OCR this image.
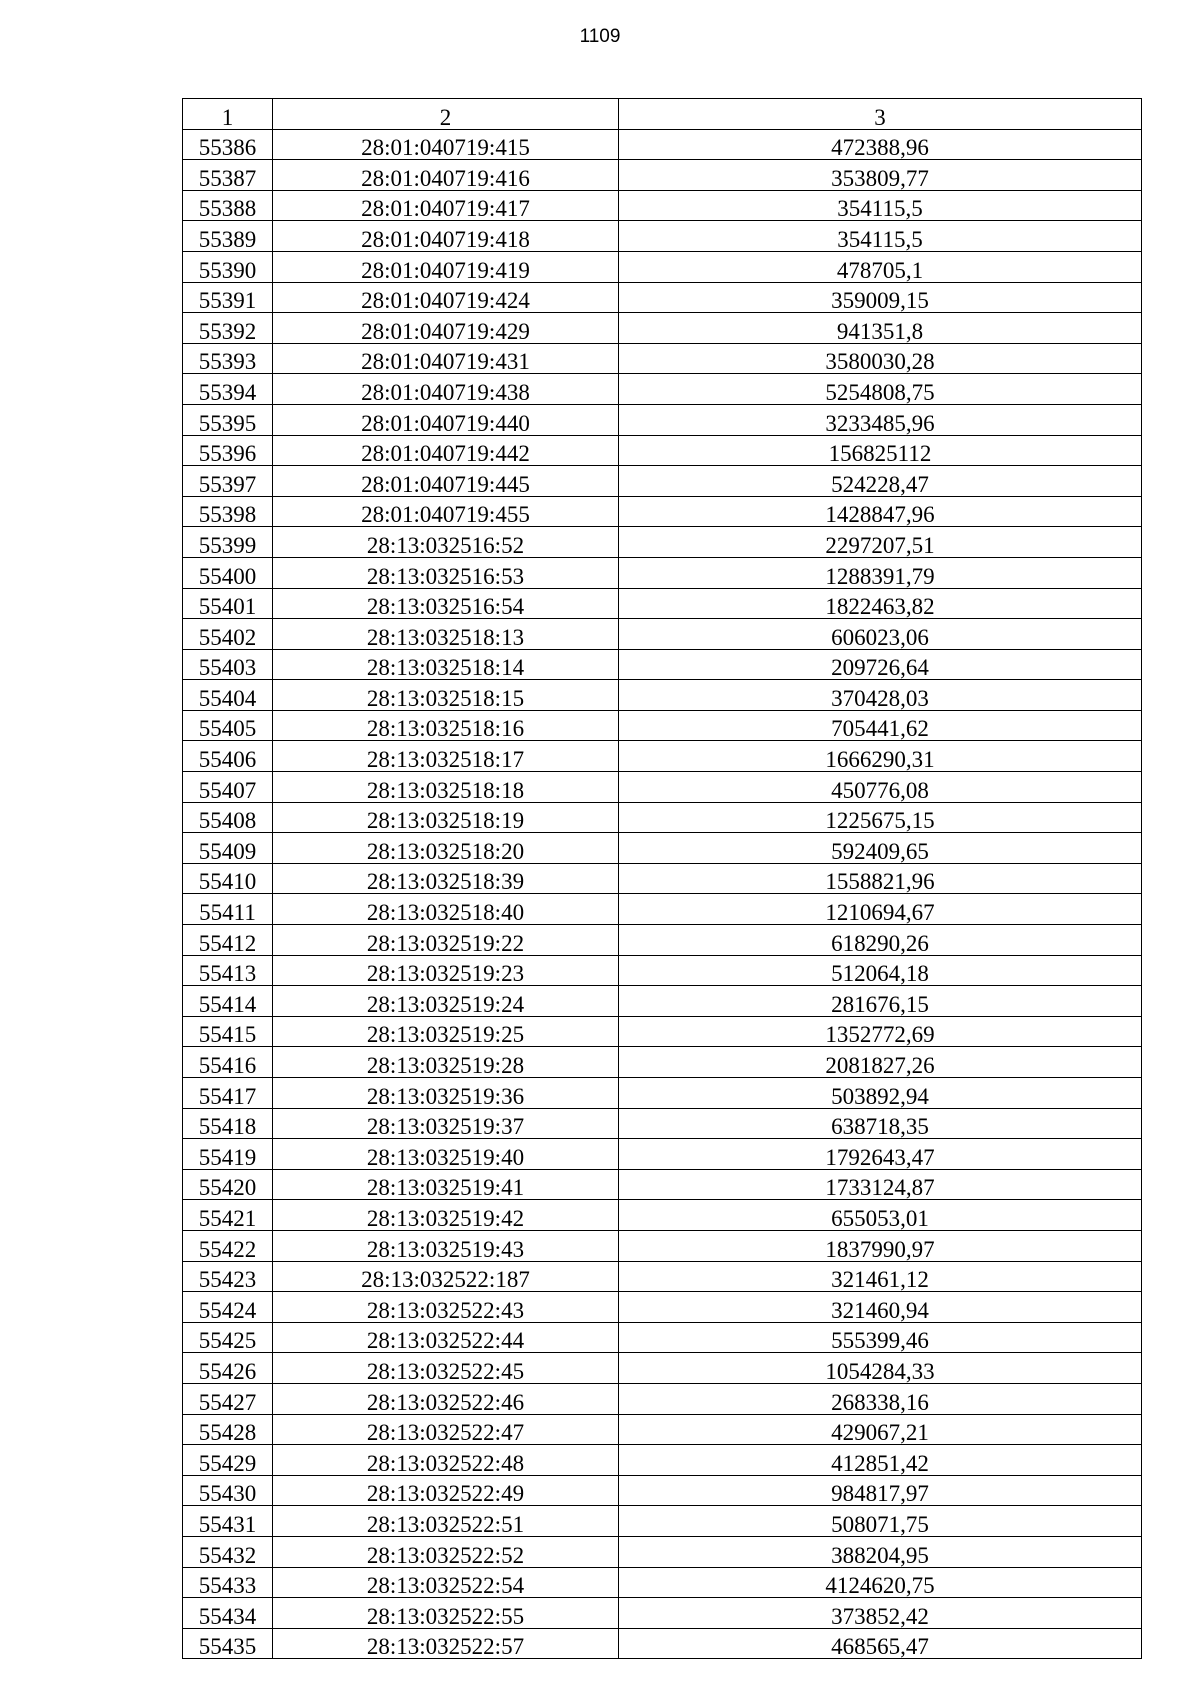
1109
1	2	3
55386	28:01:040719:415	472388,96
55387	28:01:040719:416	353809,77
55388	28:01:040719:417	354115,5
55389	28:01:040719:418	354115,5
55390	28:01:040719:419	478705,1
55391	28:01:040719:424	359009,15
55392	28:01:040719:429	941351,8
55393	28:01:040719:431	3580030,28
55394	28:01:040719:438	5254808,75
55395	28:01:040719:440	3233485,96
55396	28:01:040719:442	156825112
55397	28:01:040719:445	524228,47
55398	28:01:040719:455	1428847,96
55399	28:13:032516:52	2297207,51
55400	28:13:032516:53	1288391,79
55401	28:13:032516:54	1822463,82
55402	28:13:032518:13	606023,06
55403	28:13:032518:14	209726,64
55404	28:13:032518:15	370428,03
55405	28:13:032518:16	705441,62
55406	28:13:032518:17	1666290,31
55407	28:13:032518:18	450776,08
55408	28:13:032518:19	1225675,15
55409	28:13:032518:20	592409,65
55410	28:13:032518:39	1558821,96
55411	28:13:032518:40	1210694,67
55412	28:13:032519:22	618290,26
55413	28:13:032519:23	512064,18
55414	28:13:032519:24	281676,15
55415	28:13:032519:25	1352772,69
55416	28:13:032519:28	2081827,26
55417	28:13:032519:36	503892,94
55418	28:13:032519:37	638718,35
55419	28:13:032519:40	1792643,47
55420	28:13:032519:41	1733124,87
55421	28:13:032519:42	655053,01
55422	28:13:032519:43	1837990,97
55423	28:13:032522:187	321461,12
55424	28:13:032522:43	321460,94
55425	28:13:032522:44	555399,46
55426	28:13:032522:45	1054284,33
55427	28:13:032522:46	268338,16
55428	28:13:032522:47	429067,21
55429	28:13:032522:48	412851,42
55430	28:13:032522:49	984817,97
55431	28:13:032522:51	508071,75
55432	28:13:032522:52	388204,95
55433	28:13:032522:54	4124620,75
55434	28:13:032522:55	373852,42
55435	28:13:032522:57	468565,47
